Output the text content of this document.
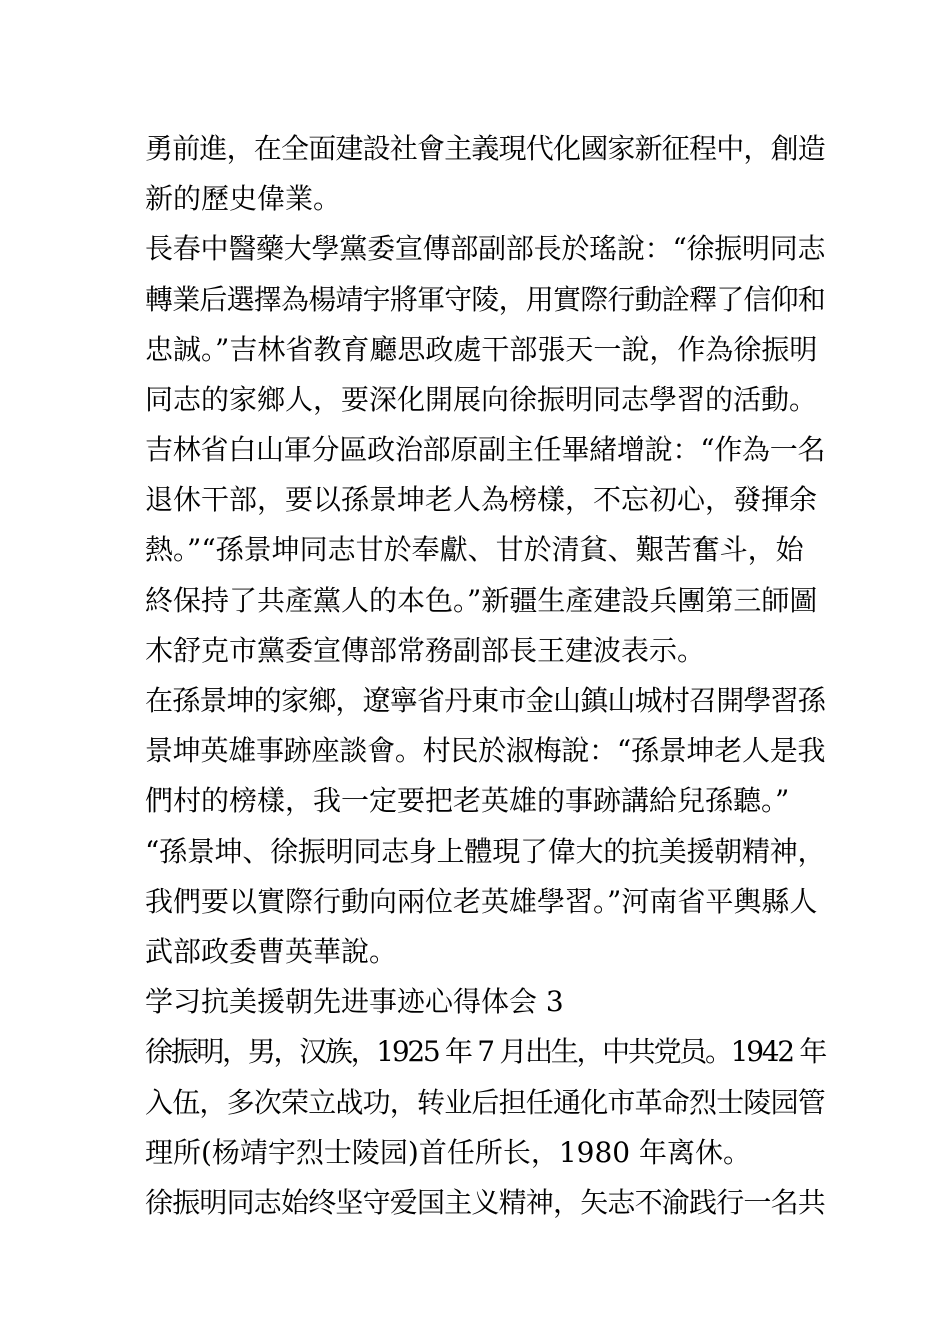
勇前進，在全面建設社會主義現代化國家新征程中，創造

新的歷史偉業。

長春中醫藥大學黨委宣傳部副部長於瑤說：“徐振明同志

轉業后選擇為楊靖宇將軍守陵，用實際行動詮釋了信仰和

忠誠。”吉林省教育廳思政處干部張天一說，作為徐振明

同志的家鄉人，要深化開展向徐振明同志學習的活動。

吉林省白山軍分區政治部原副主任畢緒增說：“作為一名

退休干部，要以孫景坤老人為榜樣，不忘初心，發揮余

熱。”“孫景坤同志甘於奉獻、甘於清貧、艱苦奮斗，始

終保持了共產黨人的本色。”新疆生產建設兵團第三師圖

木舒克市黨委宣傳部常務副部長王建波表示。

在孫景坤的家鄉，遼寧省丹東市金山鎮山城村召開學習孫

景坤英雄事跡座談會。村民於淑梅說：“孫景坤老人是我

們村的榜樣，我一定要把老英雄的事跡講給兒孫聽。”

“孫景坤、徐振明同志身上體現了偉大的抗美援朝精神，

我們要以實際行動向兩位老英雄學習。”河南省平輿縣人

武部政委曹英華說。

学习抗美援朝先进事迹心得体会 3

徐振明，男，汉族，1925 年 7 月出生，中共党员。1942 年

入伍，多次荣立战功，转业后担任通化市革命烈士陵园管

理所(杨靖宇烈士陵园)首任所长，1980 年离休。

徐振明同志始终坚守爱国主义精神，矢志不渝践行一名共
